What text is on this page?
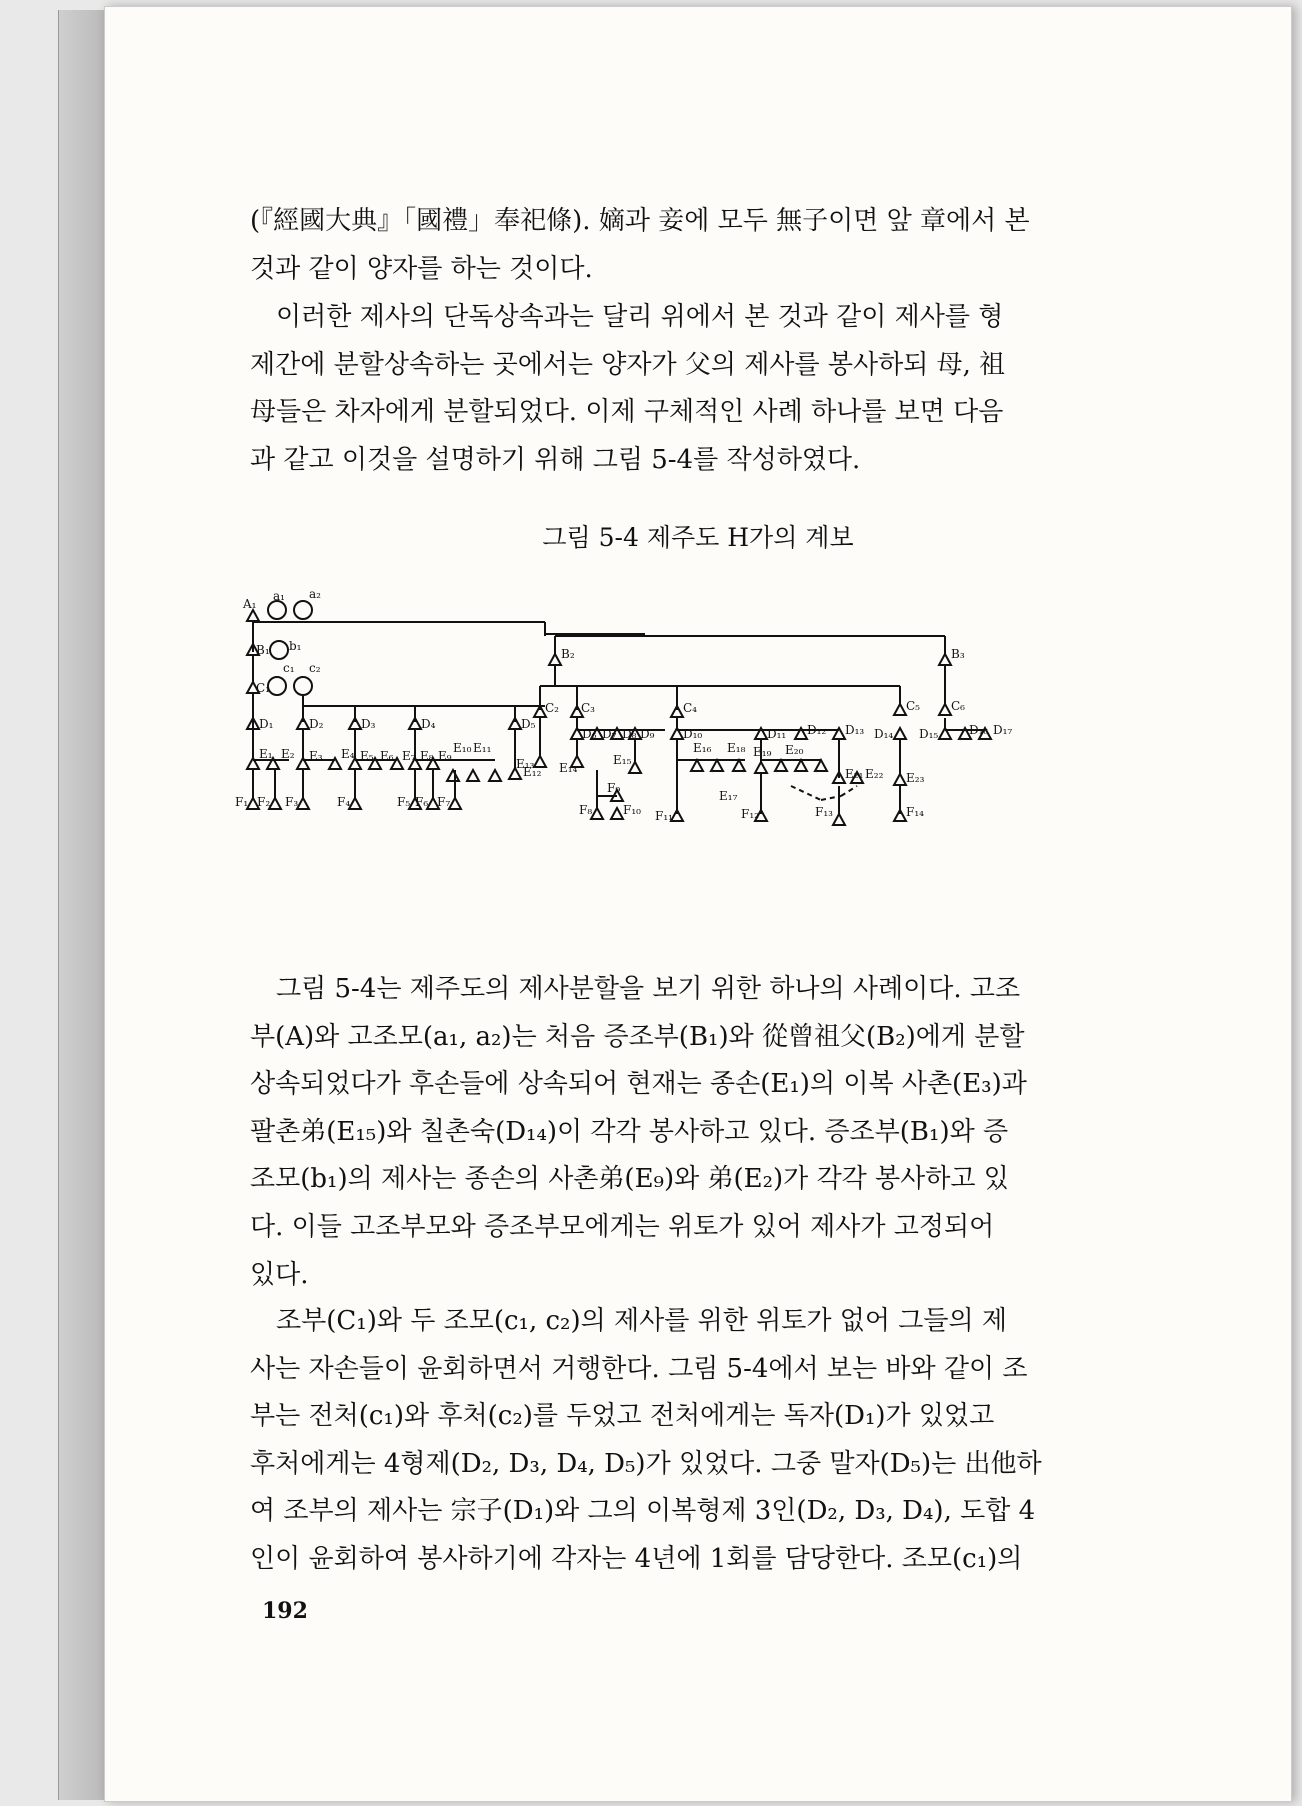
(『經國大典』「國禮」奉祀條). 嫡과 妾에 모두 無子이면 앞 章에서 본

것과 같이 양자를 하는 것이다.

이러한 제사의 단독상속과는 달리 위에서 본 것과 같이 제사를 형

제간에 분할상속하는 곳에서는 양자가 父의 제사를 봉사하되 母, 祖

母들은 차자에게 분할되었다. 이제 구체적인 사례 하나를 보면 다음

과 같고 이것을 설명하기 위해 그림 5-4를 작성하였다.

그림 5-4 제주도 H가의 계보
A₁
a₁ a₂
B₁ b₁
B₂	B₃
C₁
c₁ c₂
C₂ C₃	C₄	C₅	C₆
D₁	D₂	D₃	D₄	D₅
E₁ E₂ E₃ E₄ E₅ E₆ E₇ E₈ E₉
E₁₀ E₁₁
E₁₂
F₁ F₂ F₃	F₄	F₅ F₆ F₇
E₁₃
D₆ D₇ D₈ D₉
E₁₄
E₁₅
F₈
F₉
F₁₀
D₁₀	D₁₁ D₁₂ D₁₃
E₁₆ E₁₈ E₁₉ E₂₀
F₁₁
E₁₇
F₁₂
E₂₁ E₂₂
F₁₃
D₁₄
E₂₃
F₁₄
D₁₅	D₁₆ D₁₇

그림 5-4는 제주도의 제사분할을 보기 위한 하나의 사례이다. 고조

부(A)와 고조모(a₁, a₂)는 처음 증조부(B₁)와 從曾祖父(B₂)에게 분할

상속되었다가 후손들에 상속되어 현재는 종손(E₁)의 이복 사촌(E₃)과

팔촌弟(E₁₅)와 칠촌숙(D₁₄)이 각각 봉사하고 있다. 증조부(B₁)와 증

조모(b₁)의 제사는 종손의 사촌弟(E₉)와 弟(E₂)가 각각 봉사하고 있

다. 이들 고조부모와 증조부모에게는 위토가 있어 제사가 고정되어

있다.

조부(C₁)와 두 조모(c₁, c₂)의 제사를 위한 위토가 없어 그들의 제

사는 자손들이 윤회하면서 거행한다. 그림 5-4에서 보는 바와 같이 조

부는 전처(c₁)와 후처(c₂)를 두었고 전처에게는 독자(D₁)가 있었고

후처에게는 4형제(D₂, D₃, D₄, D₅)가 있었다. 그중 말자(D₅)는 出他하

여 조부의 제사는 宗子(D₁)와 그의 이복형제 3인(D₂, D₃, D₄), 도합 4

인이 윤회하여 봉사하기에 각자는 4년에 1회를 담당한다. 조모(c₁)의

192
